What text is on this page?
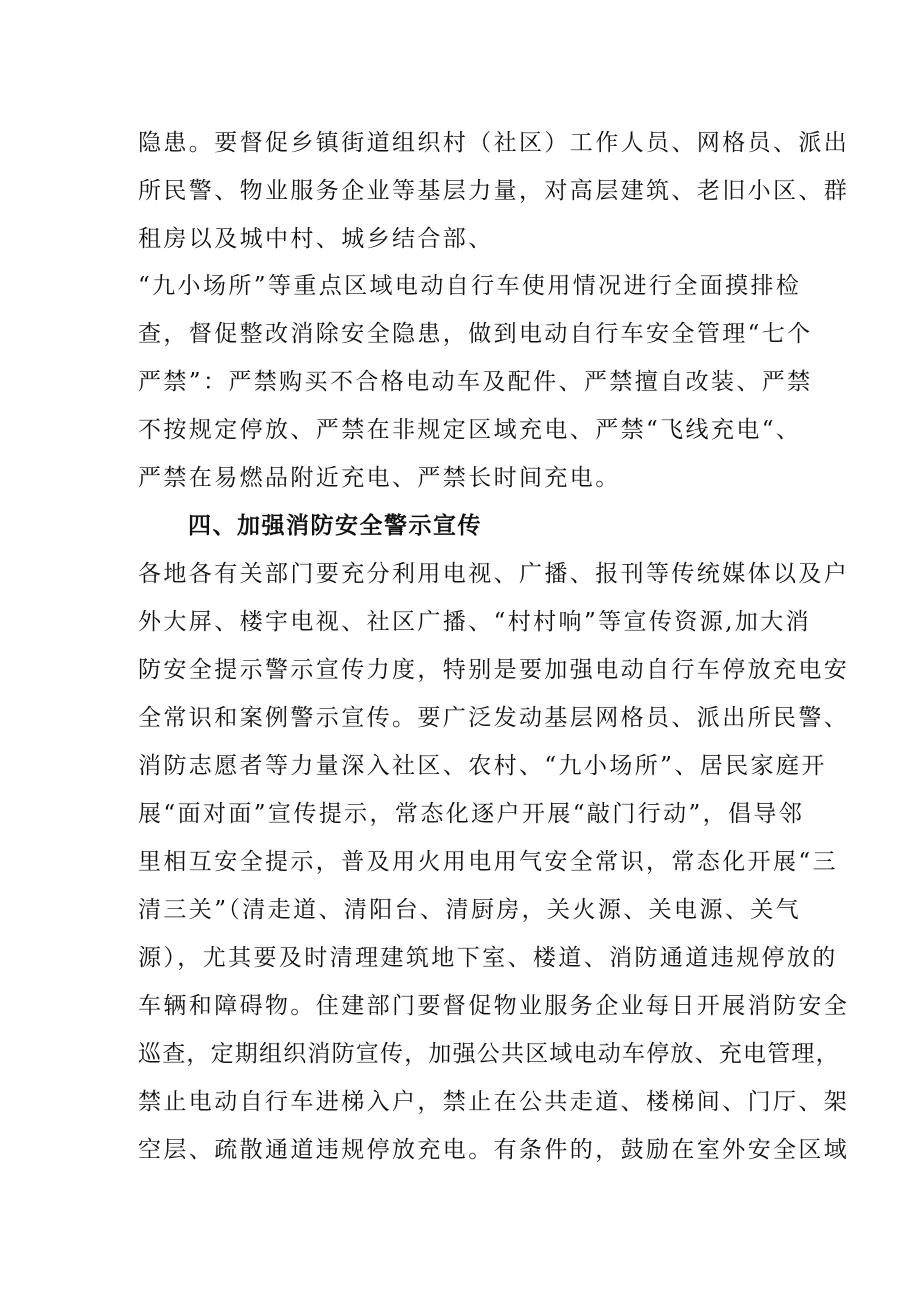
隐患。要督促乡镇街道组织村（社区）工作人员、网格员、派出
所民警、物业服务企业等基层力量，对高层建筑、老旧小区、群
租房以及城中村、城乡结合部、
“九小场所”等重点区域电动自行车使用情况进行全面摸排检
查，督促整改消除安全隐患，做到电动自行车安全管理“七个
严禁”：严禁购买不合格电动车及配件、严禁擅自改装、严禁
不按规定停放、严禁在非规定区域充电、严禁“飞线充电“、
严禁在易燃品附近充电、严禁长时间充电。
四、加强消防安全警示宣传
各地各有关部门要充分利用电视、广播、报刊等传统媒体以及户
外大屏、楼宇电视、社区广播、“村村响”等宣传资源,加大消
防安全提示警示宣传力度，特别是要加强电动自行车停放充电安
全常识和案例警示宣传。要广泛发动基层网格员、派出所民警、
消防志愿者等力量深入社区、农村、“九小场所”、居民家庭开
展“面对面”宣传提示，常态化逐户开展“敲门行动”，倡导邻
里相互安全提示，普及用火用电用气安全常识，常态化开展“三
清三关”（清走道、清阳台、清厨房，关火源、关电源、关气
源），尤其要及时清理建筑地下室、楼道、消防通道违规停放的
车辆和障碍物。住建部门要督促物业服务企业每日开展消防安全
巡查，定期组织消防宣传，加强公共区域电动车停放、充电管理，
禁止电动自行车进梯入户，禁止在公共走道、楼梯间、门厅、架
空层、疏散通道违规停放充电。有条件的，鼓励在室外安全区域
